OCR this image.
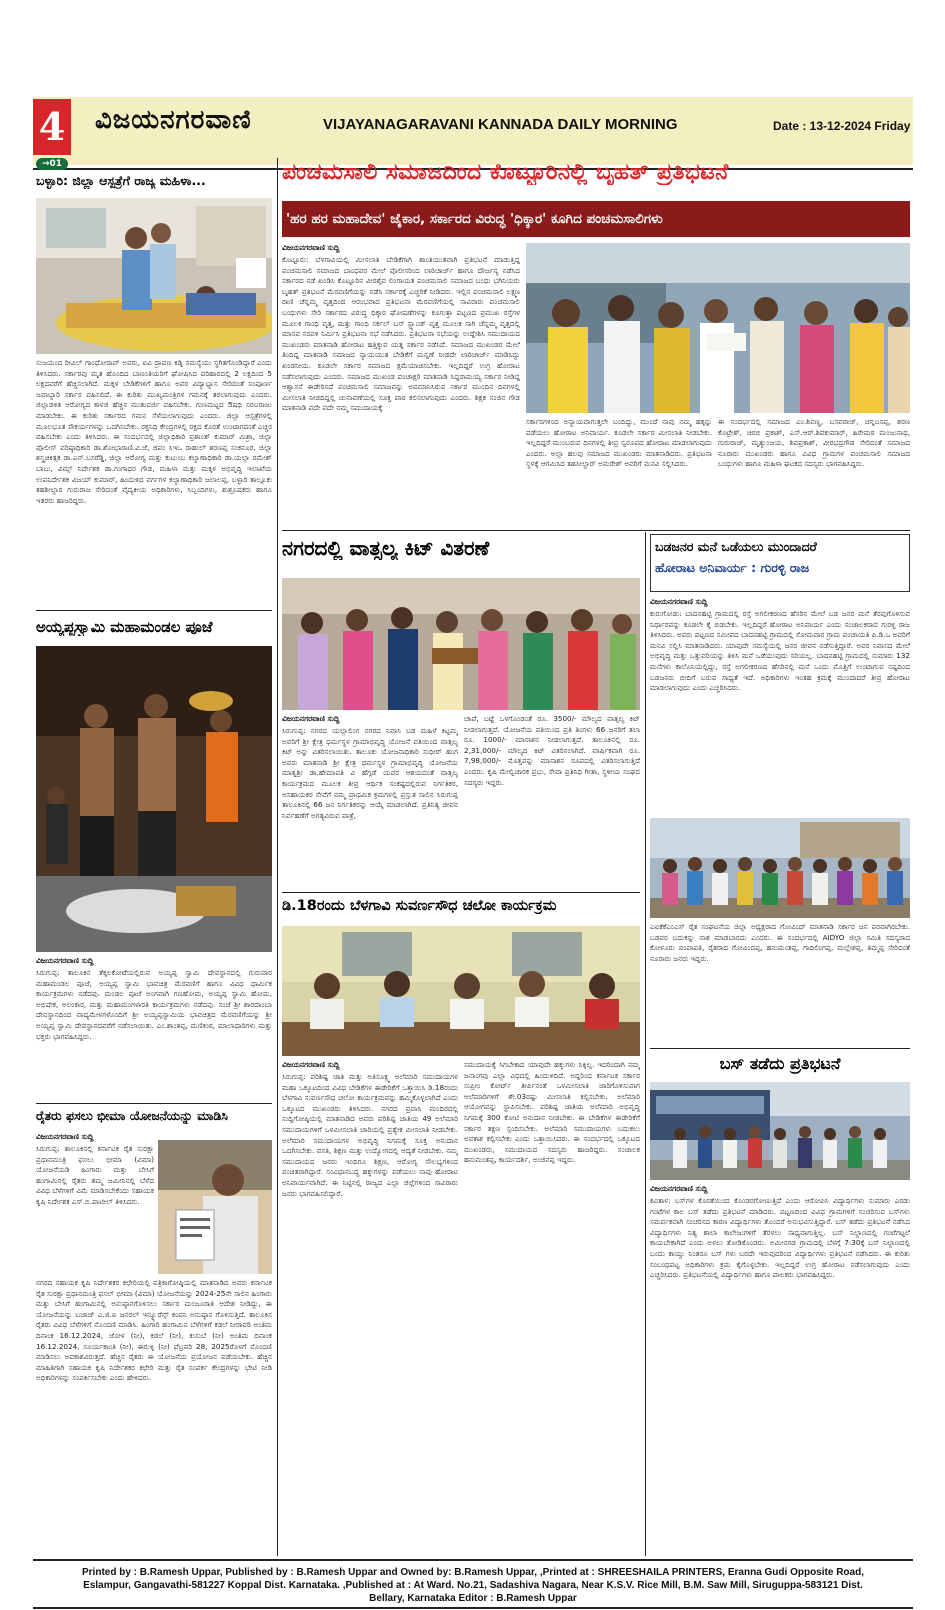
4 ವಿಜಯನಗರವಾಣಿ	VIJAYANAGARAVANI KANNADA DAILY MORNING	Date : 13-12-2024 Friday
→01
ಬಳ್ಳಾರಿ: ಜಿಲ್ಲಾ ಆಸ್ಪತ್ರೆಗೆ ರಾಜ್ಯ ಮಹಿಳಾ...
ಸುಜಯಂದ ರೀವಿಲ್ ಗಾಂಧೋರಾವ್ ಅವರು, ಐವಿ ದ್ರಾವಣ ಕಿಡ್ನಿ ಸಮಸ್ಯೆಯು ಸ್ಥಗಿತಗೊಂಡಿದ್ದಾರೆ ಎಂದು ತಿಳಿಸಿದರು. ಸರ್ಕಾರವು ಮೃತ ಹೊಂದಿದ ಬಾಣಂತಿಯರಿಗೆ ಘೋಷಿಸಿದ ಪರಿಹಾರದಲ್ಲಿ 2 ಲಕ್ಷದಿಂದ 5 ಲಕ್ಷದವರೆಗೆ ಹೆಚ್ಚಿಸಲಾಗಿದೆ. ಮಕ್ಕಳ ಬೇಡಿಕೆಗಳಿಗೆ ಹಾಗೂ ಅವರ ವಿದ್ಯಾಭ್ಯಾಸ ಸೇರಿದಂತೆ ಸಂಪೂರ್ಣ ಜವಾಬ್ದಾರಿ ಸರ್ಕಾರ ವಹಿಸಲಿದೆ. ಈ ಕುರಿತು ಮುಖ್ಯಮಂತ್ರಿಗಳ ಗಮನಕ್ಕೆ ತರಲಾಗುವುದು ಎಂದರು. ಜಿಲ್ಲಾಡಳಿತ ಆರೋಗ್ಯದ ಕಾಳಜಿ ಹೆಚ್ಚಿನ ಮುತುವರ್ಜಿ ವಹಿಸಬೇಕು. ಗುಣಮಟ್ಟದ ಔಷಧಿ ಸರಬರಾಜು ಮಾಡಬೇಕು. ಈ ಕುರಿತು ಸರ್ಕಾರದ ಗಮನ ಸೆಳೆಯಲಾಗುವುದು ಎಂದರು. ಜಿಲ್ಲಾ ಆಸ್ಪತ್ರೆಗಳಲ್ಲಿ ಮೂಲಭೂತ ಸೌಕರ್ಯಗಳನ್ನು ಒದಗಿಸಬೇಕು. ರಕ್ತನಿಧಿ ಕೇಂದ್ರಗಳಲ್ಲಿ ರಕ್ತದ ಕೊರತೆ ಉಂಟಾಗದಂತೆ ಎಚ್ಚರ ವಹಿಸಬೇಕು ಎಂದು ತಿಳಿಸಿದರು. ಈ ಸಂದರ್ಭದಲ್ಲಿ ಜಿಲ್ಲಾಧಿಕಾರಿ ಪ್ರಶಾಂತ್ ಕುಮಾರ್ ಮಿಶ್ರಾ, ಜಿಲ್ಲಾ ಪೊಲೀಸ್ ವರಿಷ್ಠಾಧಿಕಾರಿ ಡಾ.ಶೋಭಾರಾಣಿ.ವಿ.ಜೆ, ಜಿಪಂ ಸಿಇಒ ರಾಹುಲ್ ಶರಣಪ್ಪ ಸಂಕನೂರ, ಜಿಲ್ಲಾ ಶಸ್ತ್ರಚಿಕಿತ್ಸಕ ಡಾ.ಎನ್.ಬಸರೆಡ್ಡಿ, ಜಿಲ್ಲಾ ಆರೋಗ್ಯ ಮತ್ತು ಕುಟುಂಬ ಕಲ್ಯಾಣಾಧಿಕಾರಿ ಡಾ.ಯಲ್ಲಾ ರಮೇಶ್ ಬಾಬು, ವಿಮ್ಸ್ ನಿರ್ದೇಶಕ ಡಾ.ಗಂಗಾಧರ ಗೌಡ, ಮಹಿಳಾ ಮತ್ತು ಮಕ್ಕಳ ಅಭಿವೃದ್ಧಿ ಇಲಾಖೆಯ ಉಪನಿರ್ದೇಶಕ ವಿಜಯ್ ಕುಮಾರ್, ಹಿಂದುಳಿದ ವರ್ಗಗಳ ಕಲ್ಯಾಣಾಧಿಕಾರಿ ಜಲಾಲಪ್ಪ, ಬಳ್ಳಾರಿ ತಾಲ್ಲೂಕು ತಹಶೀಲ್ದಾರ ಗುರುರಾಜ ಸೇರಿದಂತೆ ವೈದ್ಯಕೀಯ ಅಧಿಕಾರಿಗಳು, ಸಿಬ್ಬಂದಿಗಳು, ಶುಶ್ರೂಷಕರು ಹಾಗೂ ಇತರರು ಹಾಜರಿದ್ದರು.
ಅಯ್ಯಪ್ಪಸ್ವಾಮಿ ಮಹಾಮಂಡಲ ಪೂಜೆ
ವಿಜಯನಗರವಾಣಿ ಸುದ್ದಿ
ಸಿರುಗುಪ್ಪ: ತಾಲೂಕಿನ ತೆಕ್ಕಲಕೋಟೆಯಲ್ಲಿರುವ ಅಯ್ಯಪ್ಪ ಸ್ವಾಮಿ ದೇವಸ್ಥಾನದಲ್ಲಿ ಗುರುವಾರ ಮಹಾಮಂಡಲ ಪೂಜೆ, ಅಯ್ಯಪ್ಪ ಸ್ವಾಮಿ ಭಾವಚಿತ್ರ ಮೆರವಣಿಗೆ ಹಾಗೂ ವಿವಿಧ ಧಾರ್ಮಿಕ ಕಾರ್ಯಕ್ರಮಗಳು ನಡೆದವು. ಮಂಡಲ ಪೂಜೆ ಅಂಗವಾಗಿ ಗಣಹೋಮ, ಅಯ್ಯಪ್ಪ ಸ್ವಾಮಿ ಹೋಮ, ಅಭಿಷೇಕ, ಅಲಂಕಾರ, ಮತ್ತು ಮಹಾಮಂಗಳಾರತಿ ಕಾರ್ಯಕ್ರಮಗಳು ನಡೆದವು. ಸಂಜೆ ಶ್ರೀ ಶಾರದಾಂಬಾ ದೇವಸ್ಥಾನದಿಂದ ವಾದ್ಯಮೇಳಗಳೊಂದಿಗೆ ಶ್ರೀ ಅಯ್ಯಪ್ಪಸ್ವಾಮಿಯ ಭಾವಚಿತ್ರದ ಮೆರವಣಿಗೆಯನ್ನು ಶ್ರೀ ಅಯ್ಯಪ್ಪ ಸ್ವಾಮಿ ದೇವಸ್ಥಾನದವರೆಗೆ ನಡೆಸಲಾಯಿತು. ಎಂ.ಶಾಂತಪ್ಪ, ಮಣಿಕಂಠ, ಮಾಲಾಧಾರಿಗಳು ಮತ್ತು ಭಕ್ತರು ಭಾಗವಹಿಸಿದ್ದರು.
ರೈತರು ಫಸಲು ಭೀಮಾ ಯೋಜನೆಯನ್ನು ಮಾಡಿಸಿ
ವಿಜಯನಗರವಾಣಿ ಸುದ್ದಿ
ಸಿರುಗುಪ್ಪ: ತಾಲೂಕಿನಲ್ಲಿ ಕರ್ನಾಟಕ ರೈತ ಸುರಕ್ಷಾ ಪ್ರಧಾನಮಂತ್ರಿ ಫಸಲು ಭೀಮಾ (ವಿಮಾ) ಯೋಜನೆಯಡಿ ಹಿಂಗಾರು ಮತ್ತು ಬೇಸಿಗೆ ಹಂಗಾಮಿನಲ್ಲಿ ರೈತರು ತಮ್ಮ ಜಮೀನಿನಲ್ಲಿ ಬೆಳೆದ ವಿವಿಧ ಬೆಳೆಗಳಿಗೆ ವಿಮೆ ಮಾಡಿಸಬೇಕೆಂದು ಸಹಾಯಕ ಕೃಷಿ ನಿರ್ದೇಶಕ ಎಸ್.ಬಿ.ಪಾಟೀಲ್ ತಿಳಿಸಿದರು.
ನಗರದ ಸಹಾಯಕ ಕೃಷಿ ನಿರ್ದೇಶಕರ ಕಛೇರಿಯಲ್ಲಿ ಪತ್ರಿಕಾಗೋಷ್ಠಿಯಲ್ಲಿ ಮಾತನಾಡಿದ ಅವರು ಕರ್ನಾಟಕ ರೈತ ಸುರಕ್ಷಾ ಪ್ರಧಾನಮಂತ್ರಿ ಫಸಲ್ ಭೀಮಾ (ವಿಮಾ) ಯೋಜನೆಯನ್ನು 2024-25ನೇ ಸಾಲಿನ ಹಿಂಗಾರು ಮತ್ತು ಬೇಸಿಗೆ ಹಂಗಾಮಿನಲ್ಲಿ ಅನುಷ್ಠಾನಗೊಳಿಸಲು ಸರ್ಕಾರ ಮಂಜೂರಾತಿ ಆದೇಶ ನೀಡಿದ್ದು, ಈ ಯೋಜನೆಯನ್ನು ಬಜಾಜ್ ಎ.ಜಿ.ಐ ಜನರಲ್ ಇನ್ಶ್ಯೂರೆನ್ಸ್ ಕಂಪನಿ ಅನುಷ್ಠಾನ ಗೊಳಿಸುತ್ತಿದೆ. ತಾಲೂಕಿನ ರೈತರು ವಿವಿಧ ಬೆಳೆಗಳಿಗೆ ನೊಂದಣಿ ಮಾಡಿಸಿ. ಹಿಂಗಾರಿ ಹಂಗಾಮಿನ ಬೆಳೆಗಳಿಗೆ ಕಡಲೆ ನೀರಾವರಿ ಅಂತಿಮ ದಿನಾಂಕ 16.12.2024, ಜೋಳ (ನೀ), ಕಡಲೆ (ನೀ), ಕುಸುಬೆ (ನೀ) ಅಂತಿಮ ದಿನಾಂಕ 16.12.2024, ಸೂರ್ಯಕಾಂತಿ (ನೀ), ಈರುಳ್ಳಿ (ನೀ) ಫೆಬ್ರವರಿ 28, 2025ರೊಳಗೆ ನೊಂದಣಿ ಮಾಡಿಸಲು ಅವಕಾಶವಿರುತ್ತದೆ. ಹೆಚ್ಚಿನ ರೈತರು ಈ ಯೋಜನೆಯ ಪ್ರಯೋಜನ ಪಡೆಯಬೇಕು. ಹೆಚ್ಚಿನ ಮಾಹಿತಿಗಾಗಿ ಸಹಾಯಕ ಕೃಷಿ ನಿರ್ದೇಶಕರ ಕಛೇರಿ ಮತ್ತು ರೈತ ಸಂಪರ್ಕ ಕೇಂದ್ರಗಳನ್ನು ಭೇಟಿ ನೀಡಿ ಅಧಿಕಾರಿಗಳನ್ನು ಸಂಪರ್ಕಿಸಬೇಕು ಎಂದು ಹೇಳಿದರು.
ಪಂಚಮಸಾಲಿ ಸಮಾಜದಿಂದ ಕೊಟ್ಟೂರಿನಲ್ಲಿ ಬೃಹತ್ ಪ್ರತಿಭಟನೆ
'ಹರ ಹರ ಮಹಾದೇವ' ಜೈಕಾರ, ಸರ್ಕಾರದ ವಿರುದ್ಧ 'ಧಿಕ್ಕಾರ' ಕೂಗಿದ ಪಂಚಮಸಾಲಿಗಳು
ವಿಜಯನಗರವಾಣಿ ಸುದ್ದಿ
ಕೊಟ್ಟೂರು: ಬೆಳಗಾವಿಯಲ್ಲಿ ಮೀಸಲಾತಿ ಬೇಡಿಕೆಗಾಗಿ ಶಾಂತಿಯುತವಾಗಿ ಪ್ರತಿಭಟನೆ ಮಾಡುತ್ತಿದ್ದ ಪಂಚಮಸಾಲಿ ಸಮಾಜದ ಬಾಂಧವರ ಮೇಲೆ ಪೊಲೀಸರಿಂದ ಲಾಠಿಚಾರ್ಜ್ ಹಾಗೂ ದೌರ್ಜನ್ಯ ನಡೆಸಿದ ಸರ್ಕಾರದ ನಡೆ ಖಂಡಿಸಿ ಕೊಟ್ಟೂರಿನ ವೀರಶೈವ ಲಿಂಗಾಯತ ಪಂಚಮಸಾಲಿ ಸಮಾಜದ ಬಂಧು ಭಗಿನಿಯರು ಬೃಹತ್ ಪ್ರತಿಭಟನೆ ಮೆರವಣಿಗೆಯನ್ನು ನಡೆಸಿ ಸರ್ಕಾರಕ್ಕೆ ಎಚ್ಚರಿಕೆ ನೀಡಿದರು. ಇಲ್ಲಿನ ಪಂಚಮಸಾಲಿ ಲಕ್ಷ್ಮಣ ರಾಣಿ ಚೆನ್ನಮ್ಮ ವೃತ್ತದಿಂದ ಆರಂಭವಾದ ಪ್ರತಿಭಟನಾ ಮೆರವಣಿಗೆಯಲ್ಲಿ ಸಾವಿರಾರು ಪಂಚಮಸಾಲಿ ಬಂಧುಗಳು ಸೇರಿ ಸರ್ಕಾರದ ವಿರುದ್ಧ ಧಿಕ್ಕಾರ ಘೋಷಣೆಗಳನ್ನು ಕೂಗುತ್ತಾ ಪಟ್ಟಣದ ಪ್ರಮುಖ ರಸ್ತೆಗಳ ಮೂಲಕ ಗಾಂಧಿ ವೃತ್ತ, ಮತ್ತು ಗಾಂಧಿ ಸರ್ಕಲ್ ಬಸ್ ಸ್ಟ್ಯಾಂಡ್ ವೃತ್ತ ಮೂಲಕ ಸಾಗಿ ಚೆನ್ನಮ್ಮ ವೃತ್ತದಲ್ಲಿ ಮಾನವ ಸರಪಳಿ ನಿರ್ಮಿಸಿ ಪ್ರತಿಭಟನಾ ಸಭೆ ನಡೆಸಿದರು. ಪ್ರತಿಭಟನಾ ಸಭೆಯನ್ನು ಉದ್ದೇಶಿಸಿ ಸಮುದಾಯದ ಮುಖಂಡರು ಮಾತನಾಡಿ ಹೋರಾಟ ಹತ್ತಿಕ್ಕುವ ಯತ್ನ ಸರ್ಕಾರ ನಡೆಸಿದೆ. ಸಮಾಜದ ಮುಖಂಡರ ಮೇಲೆ ತಿಂದಿದ್ದ ಮಾತನಾಡಿ ಸಮಾಜದ ನ್ಯಾಯಯುತ ಬೇಡಿಕೆಗೆ ಮನ್ನಣೆ ನೀಡದೇ ಲಾಠಿಚಾರ್ಜ್ ಮಾಡಿಸಿದ್ದು ಖಂಡನೀಯ. ಕೂಡಲೇ ಸರ್ಕಾರ ಸಮಾಜದ ಕ್ಷಮೆಯಾಚಿಸಬೇಕು. ಇಲ್ಲದಿದ್ದರೆ ಉಗ್ರ ಹೋರಾಟ ನಡೆಸಲಾಗುವುದು ಎಂದರು. ಸಮಾಜದ ಮುಖಂಡ ಪಂಚಾಕ್ಷರಿ ಮಾತನಾಡಿ ಸಿದ್ದರಾಮಯ್ಯ ಸರ್ಕಾರ ನೀಡಿದ್ದ ಆಶ್ವಾಸನೆ ಈಡೇರಿಸದೆ ಪಂಚಮಸಾಲಿ ಸಮಾಜವನ್ನು ಅವಮಾನಿಸಿರುವ ಸರ್ಕಾರ ಮುಂದಿನ ದಿನಗಳಲ್ಲಿ ಮೀಸಲಾತಿ ನೀಡದಿದ್ದಲ್ಲಿ ಚುನಾವಣೆಯಲ್ಲಿ ಸೂಕ್ತ ಪಾಠ ಕಲಿಸಲಾಗುವುದು ಎಂದರು. ಶಿಕ್ಷಕ ಸಂಜಿನ ಗೌಡ ಮಾತನಾಡಿ ಪದೇ ಪದೇ ನಮ್ಮ ಸಮುದಾಯಕ್ಕೆ
ಸರ್ಕಾರಗಳಿಂದ ಅನ್ಯಾಯವಾಗುತ್ತಲೇ ಬಂದಿದ್ದು, ಮುಂದೆ ನಾವು ನಮ್ಮ ಹಕ್ಕನ್ನು ಪಡೆಯಲು ಹೋರಾಟ ಅನಿವಾರ್ಯ. ಕೂಡಲೇ ಸರ್ಕಾರ ಮೀಸಲಾತಿ ನೀಡಬೇಕು. ಇಲ್ಲದಿದ್ದರೆ ಮುಂಬರುವ ದಿನಗಳಲ್ಲಿ ತೀವ್ರ ಸ್ವರೂಪದ ಹೋರಾಟ ಮಾಡಲಾಗುವುದು ಎಂದರು. ಅಲ್ಲಾ ಹಲವು ಸಮಾಜದ ಮುಖಂಡರು ಮಾತನಾಡಿದರು. ಪ್ರತಿಭಟನಾ ಸ್ಥಳಕ್ಕೆ ಆಗಮಿಸಿದ ತಹಸೀಲ್ದಾರ್ ಅಮರೇಶ್ ಅವರಿಗೆ ಮನವಿ ಸಲ್ಲಿಸಿದರು.
ಈ ಸಂದರ್ಭದಲ್ಲಿ ಸಮಾಜದ ಎಂ.ಶಿವಣ್ಣ, ಬಸವರಾಜ್, ಚನ್ನಬಸಪ್ಪ, ಶರಣ ಕೊಟ್ರೇಶ್, ಚಿರಬಿ ಪ್ರಕಾಶ್, ಎಸ್.ಆರ್.ಶಿವಕುಮಾರ್, ಹಿರೇಮಠ ಮಂಜುನಾಥ, ಗುರುರಾಜ್, ಮೃತ್ಯುಂಜಯ, ಶಿವಪ್ರಕಾಶ್, ವೀರಭದ್ರಗೌಡ ಸೇರಿದಂತೆ ಸಮಾಜದ ನೂರಾರು ಮುಖಂಡರು ಹಾಗೂ ವಿವಿಧ ಗ್ರಾಮಗಳ ಪಂಚಮಸಾಲಿ ಸಮಾಜದ ಬಂಧುಗಳು ಹಾಗೂ ಮಹಿಳಾ ಘಟಕದ ಸದಸ್ಯರು ಭಾಗವಹಿಸಿದ್ದರು.
ನಗರದಲ್ಲಿ ವಾತ್ಸಲ್ಯ ಕಿಟ್ ವಿತರಣೆ
ವಿಜಯನಗರವಾಣಿ ಸುದ್ದಿ
ಸಿರುಗುಪ್ಪ: ನಗರದ ಯಲ್ಲಾಲಿಂಗ ನಗರದ ನಿವಾಸಿ ಬಡ ಮಹಿಳೆ ಕಿಟ್ಟಮ್ಮ ಅವರಿಗೆ ಶ್ರೀ ಕ್ಷೇತ್ರ ಧರ್ಮಸ್ಥಳ ಗ್ರಾಮಾಭಿವೃದ್ಧಿ ಯೋಜನೆ ವತಿಯಿಂದ ವಾತ್ಸಲ್ಯ ಕಿಟ್ ಅನ್ನು ವಿತರಿಸಲಾಯಿತು. ತಾಲೂಕು ಯೋಜನಾಧಿಕಾರಿ ಸುಧೀರ್ ಹಂಗ ಅವರು ಮಾತನಾಡಿ ಶ್ರೀ ಕ್ಷೇತ್ರ ಧರ್ಮಸ್ಥಳ ಗ್ರಾಮಾಭಿವೃದ್ಧಿ ಯೋಜನೆಯ ಮಾತೃಶ್ರೀ ಡಾ.ಹೇಮಾವತಿ ವಿ ಹೆಗ್ಗಡೆ ಯವರ ಆಶಯದಂತೆ ವಾತ್ಸಲ್ಯ ಕಾರ್ಯಕ್ರಮದ ಮೂಲಕ ತೀವ್ರ ಆರ್ಥಿಕ ಸಂಕಷ್ಟದಲ್ಲಿರುವ ನಿರ್ಗತಿಕರ, ಅಸಹಾಯಕರ ಸೇವೆಗೆ ನಮ್ಮ ಪ್ರಾಥಮಿಕ ಕ್ರಮಗಳಲ್ಲಿ ಪ್ರಸ್ತುತ ಸಾಲಿನ ಸಿರುಗುಪ್ಪ ತಾಲೂಕಿನಲ್ಲಿ 66 ಜನ ನಿರ್ಗತಿಕರನ್ನು ಆಯ್ಕೆ ಮಾಡಲಾಗಿದೆ. ಪ್ರತಿನಿತ್ಯ ಜೀವನ ನಿರ್ವಹಣೆಗೆ ಅಗತ್ಯವಿರುವ ಪಾತ್ರೆ,
ಚಾಪೆ, ಬಟ್ಟೆ ಒಳಗೊಂಡಂತೆ ರೂ. 3500/- ಮೌಲ್ಯದ ವಾತ್ಸಲ್ಯ ಕಿಟ್ ನೀಡಲಾಗುತ್ತದೆ. ಯೋಜನೆಯ ವತಿಯಿಂದ ಪ್ರತಿ ತಿಂಗಳು 66 ಜನರಿಗೆ ತಲಾ ರೂ. 1000/- ಮಾಸಾಶನ ನೀಡಲಾಗುತ್ತದೆ. ತಾಲೂಕಿನಲ್ಲಿ ರೂ. 2,31,000/- ಮೌಲ್ಯದ ಕಿಟ್ ವಿತರಿಸಲಾಗಿದೆ. ವಾರ್ಷಿಕವಾಗಿ ರೂ. 7,98,000/- ಮೊತ್ತವನ್ನು ಮಾಸಾಶನ ರೂಪದಲ್ಲಿ ವಿತರಿಸಲಾಗುತ್ತಿದೆ ಎಂದರು. ಕೃಷಿ ಮೇಲ್ವಿಚಾರಕ ಪ್ರಭು, ಸೇವಾ ಪ್ರತಿನಿಧಿ ಗೀತಾ, ಸ್ಥಳೀಯ ಸಂಘದ ಸದಸ್ಯರು ಇದ್ದರು.
ಡಿ.18ರಂದು ಬೆಳಗಾವಿ ಸುವರ್ಣಸೌಧ ಚಲೋ ಕಾರ್ಯಕ್ರಮ
ವಿಜಯನಗರವಾಣಿ ಸುದ್ದಿ
ಸಿರುಗುಪ್ಪ: ಪರಿಶಿಷ್ಟ ಜಾತಿ ಮತ್ತು ಅತಿಸೂಕ್ಷ್ಮ ಅಲೆಮಾರಿ ಸಮುದಾಯಗಳ ಮಹಾ ಒಕ್ಕೂಟದಿಂದ ವಿವಿಧ ಬೇಡಿಕೆಗಳ ಈಡೇರಿಕೆಗೆ ಒತ್ತಾಯಿಸಿ ಡಿ.18ರಂದು ಬೆಳಗಾವಿ ಸುವರ್ಣಸೌಧ ಚಲೋ ಕಾರ್ಯಕ್ರಮವನ್ನು ಹಮ್ಮಿಕೊಳ್ಳಲಾಗಿದೆ ಎಂದು ಒಕ್ಕೂಟದ ಮುಖಂಡರು ತಿಳಿಸಿದರು. ನಗರದ ಪ್ರವಾಸಿ ಮಂದಿರದಲ್ಲಿ ಸುದ್ದಿಗೋಷ್ಠಿಯಲ್ಲಿ ಮಾತನಾಡಿದ ಅವರು ಪರಿಶಿಷ್ಟ ಜಾತಿಯ 49 ಅಲೆಮಾರಿ ಸಮುದಾಯಗಳಿಗೆ ಒಳಮೀಸಲಾತಿ ಜಾರಿಯಲ್ಲಿ ಪ್ರತ್ಯೇಕ ಮೀಸಲಾತಿ ನೀಡಬೇಕು. ಅಲೆಮಾರಿ ಸಮುದಾಯಗಳ ಅಭಿವೃದ್ಧಿ ನಿಗಮಕ್ಕೆ ಸೂಕ್ತ ಅನುದಾನ ಒದಗಿಸಬೇಕು. ವಸತಿ, ಶಿಕ್ಷಣ ಮತ್ತು ಉದ್ಯೋಗದಲ್ಲಿ ಆದ್ಯತೆ ನೀಡಬೇಕು. ನಮ್ಮ ಸಮುದಾಯದ ಜನರು ಇಂದಿಗೂ ಶಿಕ್ಷಣ, ಆರೋಗ್ಯ ಸೌಲಭ್ಯಗಳಿಂದ ವಂಚಿತರಾಗಿದ್ದಾರೆ. ಸಂವಿಧಾನಬದ್ಧ ಹಕ್ಕುಗಳನ್ನು ಪಡೆಯಲು ನಾವು ಹೋರಾಟ ಅನಿವಾರ್ಯವಾಗಿದೆ. ಈ ನಿಟ್ಟಿನಲ್ಲಿ ರಾಜ್ಯದ ಎಲ್ಲಾ ಜಿಲ್ಲೆಗಳಿಂದ ಸಾವಿರಾರು ಜನರು ಭಾಗವಹಿಸಲಿದ್ದಾರೆ.
ಸಮುದಾಯಕ್ಕೆ ಸಿಗಬೇಕಾದ ಯಾವುದೇ ಹಕ್ಕುಗಳು ಸಿಕ್ಕಿಲ್ಲ. ಇದರಿಂದಾಗಿ ನಮ್ಮ ಜನಾಂಗವು ಎಲ್ಲಾ ವಿಧದಲ್ಲಿ ಹಿಂದುಳಿದಿದೆ. ಅದ್ದರಿಂದ ಕರ್ನಾಟಕ ಸರ್ಕಾರ ಸುಪ್ರೀಂ ಕೋರ್ಟ್ ತೀರ್ಪಿನಂತೆ ಒಳಮೀಸಲಾತಿ ಜಾರಿಗೊಳಿಸುವಾಗ ಅಲೆಮಾರಿಗಳಿಗೆ ಶೇ.03ರಷ್ಟು ಮೀಸಲಾತಿ ಕಲ್ಪಿಸಬೇಕು. ಅಲೆಮಾರಿ ಆಯೋಗವನ್ನು ಸ್ಥಾಪಿಸಬೇಕು. ಪರಿಶಿಷ್ಟ ಜಾತಿಯ ಅಲೆಮಾರಿ ಅಭಿವೃದ್ಧಿ ನಿಗಮಕ್ಕೆ 300 ಕೋಟಿ ಅನುದಾನ ನೀಡಬೇಕು. ಈ ಬೇಡಿಕೆಗಳ ಈಡೇರಿಕೆಗೆ ಸರ್ಕಾರ ತಕ್ಷಣ ಸ್ಪಂದಿಸಬೇಕು. ಅಲೆಮಾರಿ ಸಮುದಾಯಗಳು ಬದುಕಲು ಅವಕಾಶ ಕಲ್ಪಿಸಬೇಕು ಎಂದು ಒತ್ತಾಯಿಸಿದರು. ಈ ಸಂದರ್ಭದಲ್ಲಿ ಒಕ್ಕೂಟದ ಮುಖಂಡರು, ಸಮುದಾಯದ ಸದಸ್ಯರು ಹಾಜರಿದ್ದರು. ಸಂಚಾಲಕ ಹನುಮಂತಪ್ಪ, ಕಾರ್ಯದರ್ಶಿ, ಅಂಜಿನಪ್ಪ ಇದ್ದರು.
ಬಡಜನರ ಮನೆ ಒಡೆಯಲು ಮುಂದಾದರೆ
ಹೋರಾಟ ಅನಿವಾರ್ಯ : ಗುರಳ್ಳಿ ರಾಜ
ವಿಜಯನಗರವಾಣಿ ಸುದ್ದಿ
ಕುರುಗೋಡು: ಬಾದನಹಟ್ಟಿ ಗ್ರಾಮದಲ್ಲಿ ರಸ್ತೆ ಅಗಲೀಕರಣದ ಹೆಸರಿನ ಮೇಲೆ ಬಡ ಜನರ ಮನೆ ತೆರವುಗೊಳಿಸುವ ನಿರ್ಧಾರವನ್ನು ಕೂಡಲೇ ಕೈ ಬಿಡಬೇಕು. ಇಲ್ಲದಿದ್ದರೆ ಹೋರಾಟ ಅನಿವಾರ್ಯ ಎಂದು ಸಂಚಾಲಕರಾದ ಗುರಳ್ಳಿ ರಾಜ ತಿಳಿಸಿದರು. ಅವರು ಪಟ್ಟಣದ ಸಮೀಪದ ಬಾದನಹಟ್ಟಿ ಗ್ರಾಮದಲ್ಲಿ ಸೋಮವಾರ ಗ್ರಾಮ ಪಂಚಾಯತಿ ಪಿ.ಡಿ.ಒ ಅವರಿಗೆ ಮನವಿ ಸಲ್ಲಿಸಿ ಮಾತನಾಡಿದರು. ಯಾವುದೇ ಸಮಸ್ಯೆಯಲ್ಲಿ ಜನರ ಜೀವನ ನಡೆಸುತ್ತಿದ್ದಾರೆ. ಅವರ ನಿವಾಸದ ಮೇಲೆ ಅಭಿವೃದ್ಧಿ ಮತ್ತು ಒತ್ತುವರಿಯನ್ನು ತಿಳಿಸಿ ಮನೆ ಒಡೆಯುವುದು ಸರಿಯಲ್ಲ. ಬಾದನಹಟ್ಟಿ ಗ್ರಾಮದಲ್ಲಿ ಸುಮಾರು 132 ಮನೆಗಳು ಕಾಲೊನಿಯಲ್ಲಿದ್ದು, ರಸ್ತೆ ಅಗಲೀಕರಣದ ಹೆಸರಿನಲ್ಲಿ ಮನೆ ಒಂದು ಮೊತ್ತಿಗೆ ಉಂಟಾಗುವ ನಷ್ಟದಿಂದ ಬಡಜನರು ಬೀದಿಗೆ ಬರುವ ಸಾಧ್ಯತೆ ಇದೆ. ಅಧಿಕಾರಿಗಳು ಇಂತಹ ಕ್ರಮಕ್ಕೆ ಮುಂದಾದರೆ ತೀವ್ರ ಹೋರಾಟ ಮಾಡಲಾಗುವುದು ಎಂದು ಎಚ್ಚರಿಸಿದರು.
ಎಐಕೆಕೆಎಂಎಸ್ ರೈತ ಸಂಘಟನೆಯ ಜಿಲ್ಲಾ ಅಧ್ಯಕ್ಷರಾದ ಗೋವಿಂದ್ ಮಾತನಾಡಿ ಸರ್ಕಾರ ಜನ ಪರವಾಗಿರಬೇಕು. ಬಡವರ ಬದುಕನ್ನು ನಾಶ ಮಾಡಬಾರದು ಎಂದರು. ಈ ಸಂದರ್ಭದಲ್ಲಿ AIDYO ಜಿಲ್ಲಾ ಸಮಿತಿ ಸದಸ್ಯರಾದ ಕೋಳೂರು ಪಂಪಾಪತಿ, ರೈತರಾದ ಗೋವಿಂದಪ್ಪ, ಹನುಮಂತಪ್ಪ, ಗಾದಿಲಿಂಗಪ್ಪ, ಮಲ್ಲೇಶಪ್ಪ, ತಿಮ್ಮಪ್ಪ ಸೇರಿದಂತೆ ನೂರಾರು ಜನರು ಇದ್ದರು.
ಬಸ್ ತಡೆದು ಪ್ರತಿಭಟನೆ
ವಿಜಯನಗರವಾಣಿ ಸುದ್ದಿ
ಕವಿತಾಳ: ಬಸ್‌ಗಳ ಕೊರತೆಯಿಂದ ಕೊಂಡರಗೋಣುತ್ತಿದೆ ಎಂದು ಆರೋಪಿಸಿ ವಿದ್ಯಾರ್ಥಿಗಳು ಸುಮಾರು ಎರಡು ಗಂಟೆಗಳ ಕಾಲ ಬಸ್ ತಡೆದು ಪ್ರತಿಭಟನೆ ಮಾಡಿದರು. ಪಟ್ಟಣದಿಂದ ವಿವಿಧ ಗ್ರಾಮಗಳಿಗೆ ಸಂಚರಿಸುವ ಬಸ್‌ಗಳು ಸಮರ್ಪಕವಾಗಿ ಸಂಚರಿಸದ ಕಾರಣ ವಿದ್ಯಾರ್ಥಿಗಳು ತೊಂದರೆ ಅನುಭವಿಸುತ್ತಿದ್ದಾರೆ. ಬಸ್ ತಡೆದು ಪ್ರತಿಭಟನೆ ನಡೆಸಿದ ವಿದ್ಯಾರ್ಥಿಗಳು ನಿತ್ಯ ಶಾಲಾ ಕಾಲೇಜುಗಳಿಗೆ ತೆರಳಲು ಸಾಧ್ಯವಾಗುತ್ತಿಲ್ಲ. ಬಸ್ ನಿಲ್ದಾಣದಲ್ಲಿ ಗಂಟೆಗಟ್ಟಲೆ ಕಾಯಬೇಕಾಗಿದೆ ಎಂದು ಅಳಲು ತೋಡಿಕೊಂಡರು. ಅಮೀನಗಡ ಗ್ರಾಮದಲ್ಲಿ ಬೆಳಗ್ಗೆ 7:30ಕ್ಕೆ ಬಸ್ ನಿಲ್ದಾಣದಲ್ಲಿ ಬಂದು ಕಾಯ್ದು ನಿಂತರೂ ಬಸ್ ಗಳು ಬರದೇ ಇರುವುದರಿಂದ ವಿದ್ಯಾರ್ಥಿಗಳು ಪ್ರತಿಭಟನೆ ನಡೆಸಿದರು. ಈ ಕುರಿತು ಸಂಬಂಧಪಟ್ಟ ಅಧಿಕಾರಿಗಳು ಕ್ರಮ ಕೈಗೊಳ್ಳಬೇಕು. ಇಲ್ಲದಿದ್ದರೆ ಉಗ್ರ ಹೋರಾಟ ನಡೆಸಲಾಗುವುದು ಎಂದು ಎಚ್ಚರಿಸಿದರು. ಪ್ರತಿಭಟನೆಯಲ್ಲಿ ವಿದ್ಯಾರ್ಥಿಗಳು ಹಾಗೂ ಪಾಲಕರು ಭಾಗವಹಿಸಿದ್ದರು.
Printed by : B.Ramesh Uppar, Published by : B.Ramesh Uppar and Owned by: B.Ramesh Uppar, ,Printed at : SHREESHAILA PRINTERS, Eranna Gudi Opposite Road,
Eslampur, Gangavathi-581227 Koppal Dist. Karnataka. ,Published at : At Ward. No.21, Sadashiva Nagara, Near K.S.V. Rice Mill, B.M. Saw Mill, Siruguppa-583121 Dist.
Bellary, Karnataka Editor : B.Ramesh Uppar
